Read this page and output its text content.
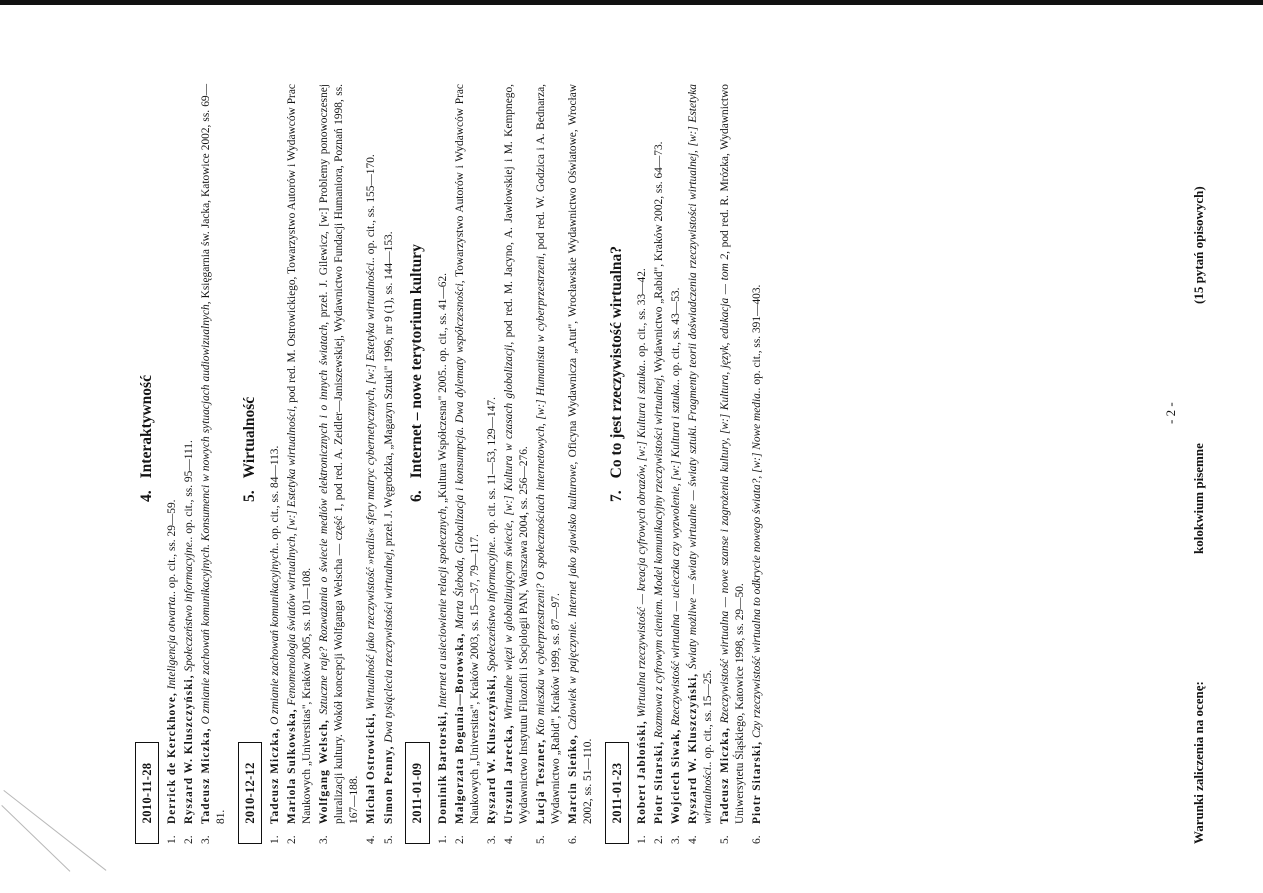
2010-11-28
4.Interaktywność
1.
Derrick de Kerckhove, Inteligencja otwarta.. op. cit., ss. 29—59.
2.
Ryszard W. Kluszczyński, Społeczeństwo informacyjne.. op. cit., ss. 95—111.
3.
Tadeusz Miczka, O zmianie zachowań komunikacyjnych. Konsumenci w nowych sytuacjach audiowizualnych, Księgarnia św. Jacka, Katowice 2002, ss. 69—81.	2010-12-12
5.Wirtualność
1.
Tadeusz Miczka, O zmianie zachowań komunikacyjnych.. op. cit., ss. 84—113.
2.
Mariola Sułkowska, Fenomenologia światów wirtualnych, [w:] Estetyka wirtualności, pod red. M. Ostrowickiego, Towarzystwo Autorów i Wydawców Prac Naukowych „Universitas", Kraków 2005, ss. 101—108.
3.
Wolfgang Welsch, Sztuczne raje? Rozważania o świecie mediów elektronicznych i o innych światach, przeł. J. Gilewicz, [w:] Problemy ponowoczesnej pluralizacji kultury. Wokół koncepcji Wolfganga Welscha — część 1, pod red. A. Zeidler—Janiszewskiej, Wydawnictwo Fundacji Humaniora, Poznań 1998, ss. 167—188.
4.
Michał Ostrowicki, Wirtualność jako rzeczywistość »realis« sfery matryc cybernetycznych, [w:] Estetyka wirtualności.. op. cit., ss. 155—170.
5.
Simon Penny, Dwa tysiąclecia rzeczywistości wirtualnej, przeł. J. Węgrodzka, „Magazyn Sztuki" 1996, nr 9 (1), ss. 144—153.
2011-01-09
6.Internet – nowe terytorium kultury
1.
Dominik Bartorski, Internet a usieciowienie relacji społecznych, „Kultura Współczesna" 2005.. op. cit., ss. 41—62.
2.
Małgorzata Bogunia—Borowska, Marta Śleboda, Globalizacja i konsumpcja. Dwa dylematy współczesności, Towarzystwo Autorów i Wydawców Prac Naukowych „Universitas", Kraków 2003, ss. 15—37, 79—117.
3.
Ryszard W. Kluszczyński, Społeczeństwo informacyjne.. op. cit. ss. 11—53, 129—147.
4.
Urszula Jarecka, Wirtualne więzi w globalizującym świecie, [w:] Kultura w czasach globalizacji, pod red. M. Jacyno, A. Jawłowskiej i M. Kempnego, Wydawnictwo Instytutu Filozofii i Socjologii PAN, Warszawa 2004, ss. 256—276.
5.
Łucja Teszner, Kto mieszka w cyberprzestrzeni? O społecznościach internetowych, [w:] Humanista w cyberprzestrzeni, pod red. W. Godzica i A. Bednarza, Wydawnictwo „Rabid", Kraków 1999, ss. 87—97.
6.
Marcin Sieńko, Człowiek w pajęczynie. Internet jako zjawisko kulturowe, Oficyna Wydawnicza „Atut", Wrocławskie Wydawnictwo Oświatowe, Wrocław 2002, ss. 51—110.	2011-01-23
7.Co to jest rzeczywistość wirtualna?
1.
Robert Jabłoński, Wirtualna rzeczywistość — kreacja cyfrowych obrazów, [w:] Kultura i sztuka.. op. cit., ss. 33—42.
2.
Piotr Sitarski, Rozmowa z cyfrowym cieniem. Model komunikacyjny rzeczywistości wirtualnej, Wydawnictwo „Rabid", Kraków 2002, ss. 64—73.
3.
Wojciech Siwak, Rzeczywistość wirtualna — ucieczka czy wyzwolenie, [w:] Kultura i sztuka.. op. cit., ss. 43—53.
4.
Ryszard W. Kluszczyński, Światy możliwe — światy wirtualne — światy sztuki. Fragmenty teorii doświadczenia rzeczywistości wirtualnej, [w:] Estetyka wirtualności.. op. cit., ss. 15—25.
5.
Tadeusz Miczka, Rzeczywistość wirtualna — nowe szanse i zagrożenia kultury, [w:] Kultura, język, edukacja — tom 2, pod red. R. Mrózka, Wydawnictwo Uniwersytetu Śląskiego, Katowice 1998, ss. 29—50.
6.
Piotr Sitarski, Czy rzeczywistość wirtualna to odkrycie nowego świata?, [w:] Nowe media.. op. cit., ss. 391—403.
- 2 -
Warunki zaliczenia na ocenę:
kolokwium pisemne
(15 pytań opisowych)
